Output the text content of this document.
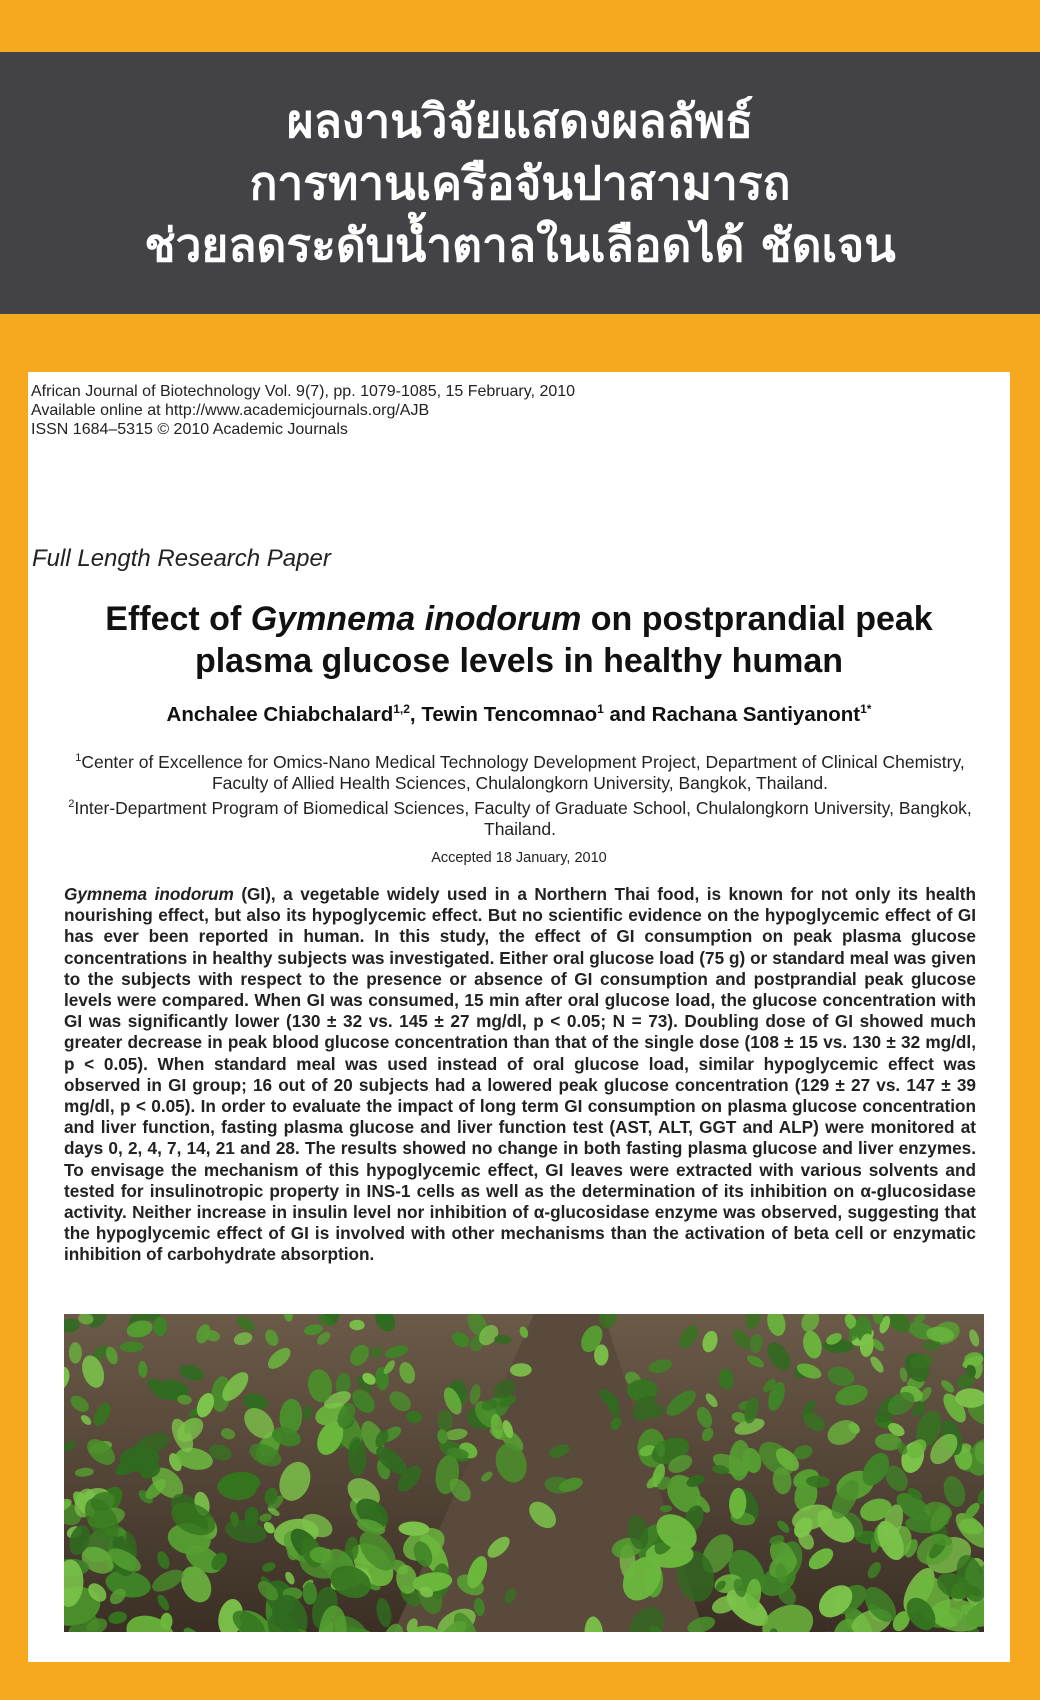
ผลงานวิจัยแสดงผลลัพธ์
การทานเครือจันปาสามารถ
ช่วยลดระดับน้ำตาลในเลือดได้ ชัดเจน
African Journal of Biotechnology Vol. 9(7), pp. 1079-1085, 15 February, 2010
Available online at http://www.academicjournals.org/AJB
ISSN 1684–5315 © 2010 Academic Journals
Full Length Research Paper
Effect of Gymnema inodorum on postprandial peak
plasma glucose levels in healthy human
Anchalee Chiabchalard$^{1,2}$, Tewin Tencomnao$^1$ and Rachana Santiyanont$^{1*}$
$^1$Center of Excellence for Omics-Nano Medical Technology Development Project, Department of Clinical Chemistry,
Faculty of Allied Health Sciences, Chulalongkorn University, Bangkok, Thailand.
$^2$Inter-Department Program of Biomedical Sciences, Faculty of Graduate School, Chulalongkorn University, Bangkok,
Thailand.
Accepted 18 January, 2010

Gymnema inodorum (GI), a vegetable widely used in a Northern Thai food, is known for not only its health nourishing effect, but also its hypoglycemic effect. But no scientific evidence on the hypoglycemic effect of GI has ever been reported in human. In this study, the effect of GI consumption on peak plasma glucose concentrations in healthy subjects was investigated. Either oral glucose load (75 g) or standard meal was given to the subjects with respect to the presence or absence of GI consumption and postprandial peak glucose levels were compared. When GI was consumed, 15 min after oral glucose load, the glucose concentration with GI was significantly lower (130 ± 32 vs. 145 ± 27 mg/dl, p < 0.05; N = 73). Doubling dose of GI showed much greater decrease in peak blood glucose concentration than that of the single dose (108 ± 15 vs. 130 ± 32 mg/dl, p < 0.05). When standard meal was used instead of oral glucose load, similar hypoglycemic effect was observed in GI group; 16 out of 20 subjects had a lowered peak glucose concentration (129 ± 27 vs. 147 ± 39 mg/dl, p < 0.05). In order to evaluate the impact of long term GI consumption on plasma glucose concentration and liver function, fasting plasma glucose and liver function test (AST, ALT, GGT and ALP) were monitored at days 0, 2, 4, 7, 14, 21 and 28. The results showed no change in both fasting plasma glucose and liver enzymes. To envisage the mechanism of this hypoglycemic effect, GI leaves were extracted with various solvents and tested for insulinotropic property in INS-1 cells as well as the determination of its inhibition on α-glucosidase activity. Neither increase in insulin level nor inhibition of α-glucosidase enzyme was observed, suggesting that the hypoglycemic effect of GI is involved with other mechanisms than the activation of beta cell or enzymatic inhibition of carbohydrate absorption.
